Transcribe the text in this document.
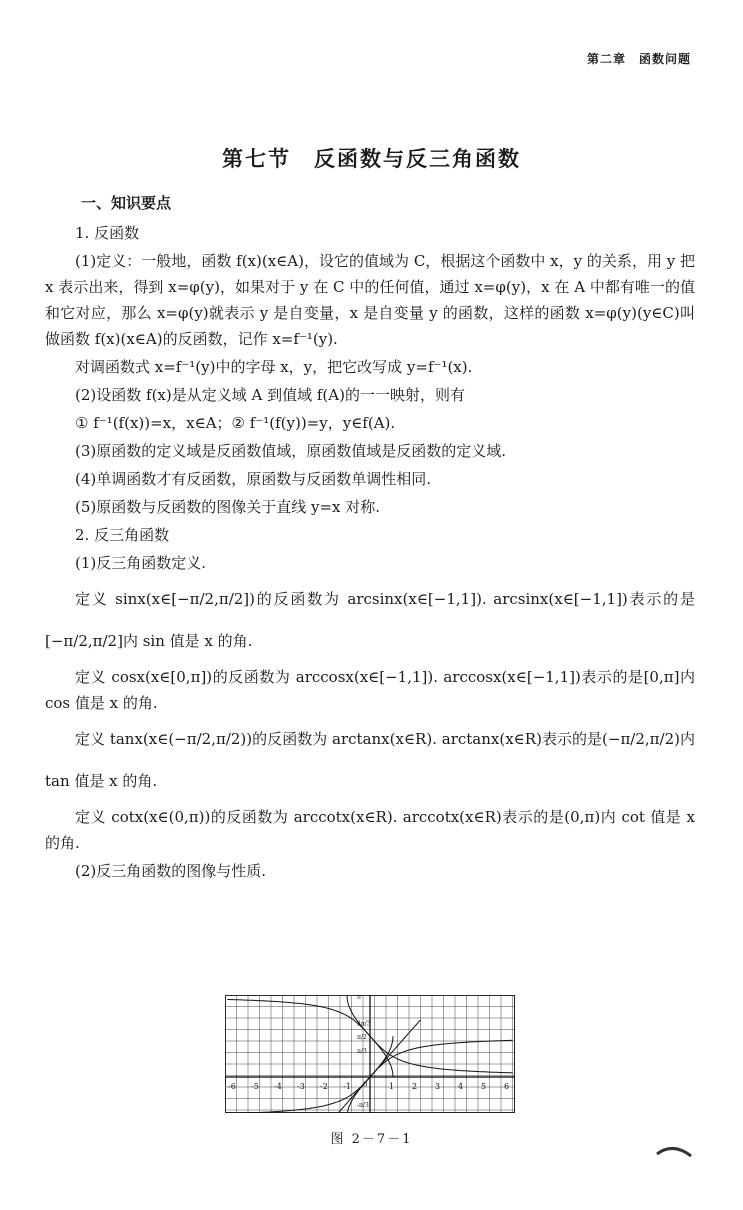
第二章　函数问题
第七节　反函数与反三角函数
一、知识要点
1. 反函数
(1)定义：一般地，函数 f(x)(x∈A)，设它的值域为 C，根据这个函数中 x，y 的关系，用 y 把 x 表示出来，得到 x=φ(y)，如果对于 y 在 C 中的任何值，通过 x=φ(y)，x 在 A 中都有唯一的值和它对应，那么 x=φ(y)就表示 y 是自变量，x 是自变量 y 的函数，这样的函数 x=φ(y)(y∈C)叫做函数 f(x)(x∈A)的反函数，记作 x=f⁻¹(y).
对调函数式 x=f⁻¹(y)中的字母 x，y，把它改写成 y=f⁻¹(x).
(2)设函数 f(x)是从定义域 A 到值域 f(A)的一一映射，则有
① f⁻¹(f(x))=x，x∈A；② f⁻¹(f(y))=y，y∈f(A).
(3)原函数的定义域是反函数值域，原函数值域是反函数的定义域.
(4)单调函数才有反函数，原函数与反函数单调性相同.
(5)原函数与反函数的图像关于直线 y=x 对称.
2. 反三角函数
(1)反三角函数定义.
定义 sinx(x∈[−π/2,π/2])的反函数为 arcsinx(x∈[−1,1]). arcsinx(x∈[−1,1])表示的是[−π/2,π/2]内 sin 值是 x 的角.
定义 cosx(x∈[0,π])的反函数为 arccosx(x∈[−1,1]). arccosx(x∈[−1,1])表示的是[0,π]内 cos 值是 x 的角.
定义 tanx(x∈(−π/2,π/2))的反函数为 arctanx(x∈R). arctanx(x∈R)表示的是(−π/2,π/2)内 tan 值是 x 的角.
定义 cotx(x∈(0,π))的反函数为 arccotx(x∈R). arccotx(x∈R)表示的是(0,π)内 cot 值是 x 的角.
(2)反三角函数的图像与性质.
-6 -5 -4 -3 -2 -1	1 2 3 4 5 6
0
π
2π/3
π/2
π/3
-π/3
图 2－7－1
